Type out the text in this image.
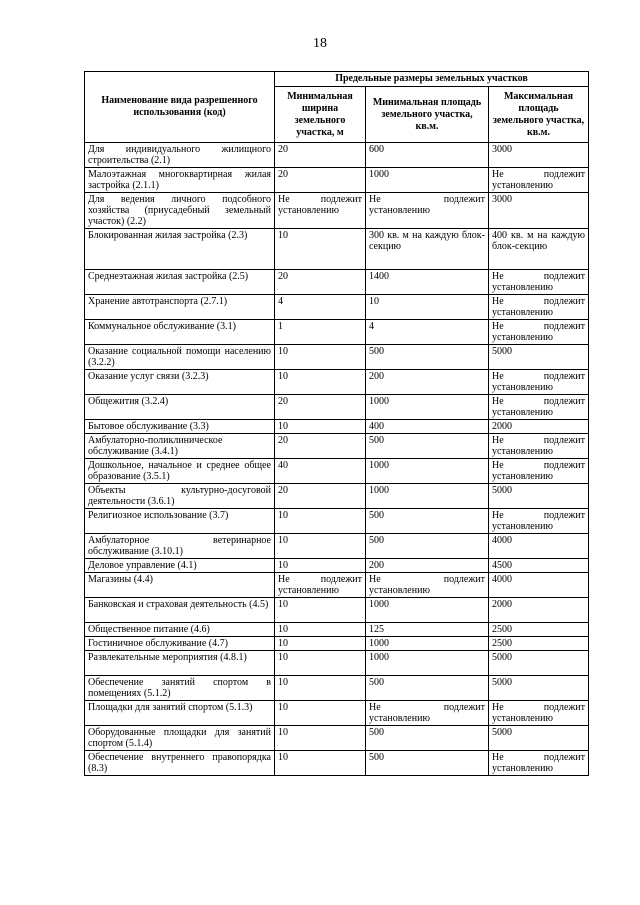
18
Наименование вида разрешенного использования (код)	Предельные размеры земельных участков		
	Минимальная ширина земельного участка, м	Минимальная площадь земельного участка, кв.м.	Максимальная площадь земельного участка, кв.м.
Для индивидуального жилищного строительства (2.1)	20	600	3000
Малоэтажная многоквартирная жилая застройка (2.1.1)	20	1000	Не подлежит установлению
Для ведения личного подсобного хозяйства (приусадебный земельный участок) (2.2)	Не подлежит установлению	Не подлежит установлению	3000
Блокированная жилая застройка (2.3)	10	300 кв. м на каждую блок-секцию	400 кв. м на каждую блок-секцию
Среднеэтажная жилая застройка (2.5)	20	1400	Не подлежит установлению
Хранение автотранспорта (2.7.1)	4	10	Не подлежит установлению
Коммунальное обслуживание (3.1)	1	4	Не подлежит установлению
Оказание социальной помощи населению (3.2.2)	10	500	5000
Оказание услуг связи (3.2.3)	10	200	Не подлежит установлению
Общежития (3.2.4)	20	1000	Не подлежит установлению
Бытовое обслуживание (3.3)	10	400	2000
Амбулаторно-поликлиническое обслуживание (3.4.1)	20	500	Не подлежит установлению
Дошкольное, начальное и среднее общее образование (3.5.1)	40	1000	Не подлежит установлению
Объекты культурно-досуговой деятельности (3.6.1)	20	1000	5000
Религиозное использование (3.7)	10	500	Не подлежит установлению
Амбулаторное ветеринарное обслуживание (3.10.1)	10	500	4000
Деловое управление (4.1)	10	200	4500
Магазины (4.4)	Не подлежит установлению	Не подлежит установлению	4000
Банковская и страховая деятельность (4.5)	10	1000	2000
Общественное питание (4.6)	10	125	2500
Гостиничное обслуживание (4.7)	10	1000	2500
Развлекательные мероприятия (4.8.1)	10	1000	5000
Обеспечение занятий спортом в помещениях (5.1.2)	10	500	5000
Площадки для занятий спортом (5.1.3)	10	Не подлежит установлению	Не подлежит установлению
Оборудованные площадки для занятий спортом (5.1.4)	10	500	5000
Обеспечение внутреннего правопорядка (8.3)	10	500	Не подлежит установлению
